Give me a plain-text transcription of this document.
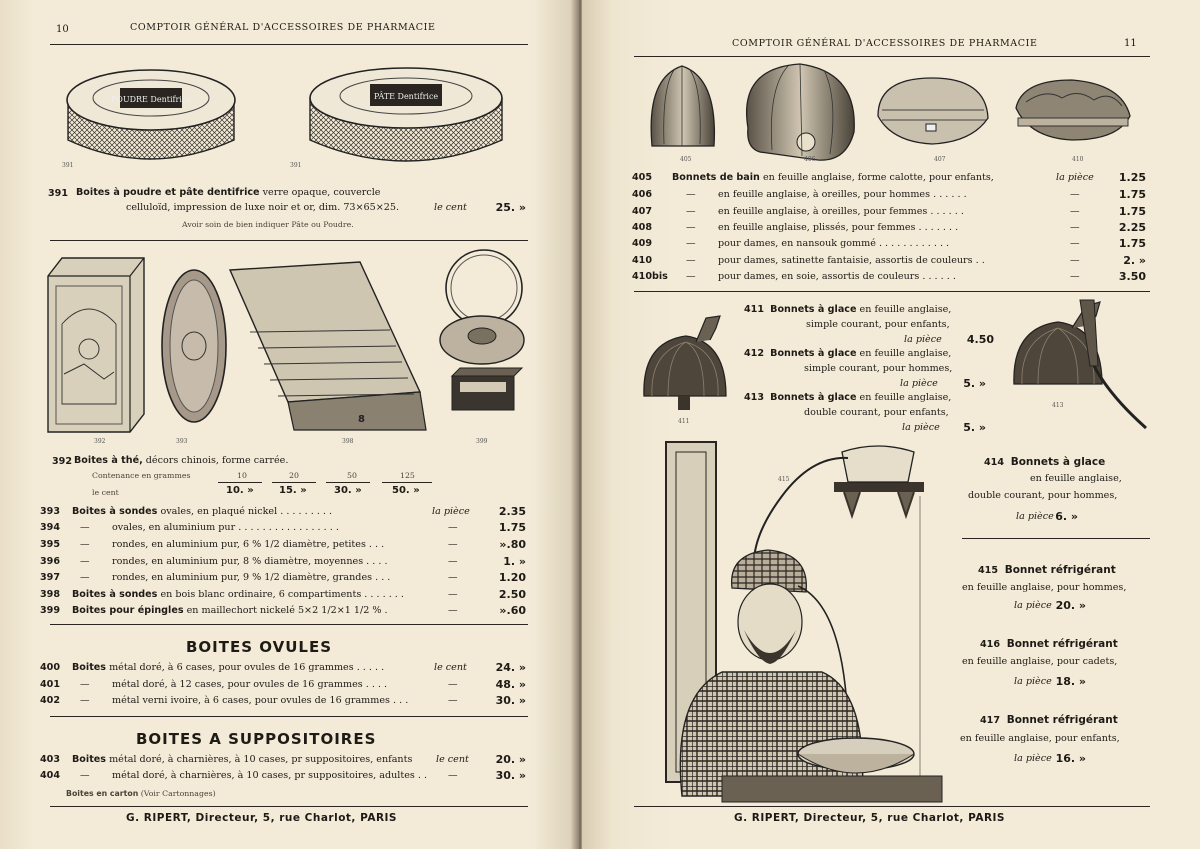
10	COMPTOIR GÉNÉRAL D'ACCESSOIRES DE PHARMACIE
POUDRE Dentifrice
391
PÂTE Dentifrice
391
391 Boites à poudre et pâte dentifrice verre opaque, couvercle
celluloïd, impression de luxe noir et or, dim. 73×65×25.	le cent	25. »
Avoir soin de bien indiquer Pâte ou Poudre.
392	393
8
398	399
392 Boites à thé, décors chinois, forme carrée.
Contenance en grammes
le cent
10	20	50	125
10. »	15. »	30. »	50. »
393 Boites à sondes ovales, en plaqué nickel . . . . . . . . .	la pièce	2.35
394 — ovales, en aluminium pur . . . . . . . . . . . . . . . . .	—	1.75
395 — rondes, en aluminium pur, 6 % 1/2 diamètre, petites . . .	—	».80
396 — rondes, en aluminium pur, 8 % diamètre, moyennes . . . .	—	1. »
397 — rondes, en aluminium pur, 9 % 1/2 diamètre, grandes . . .	—	1.20
398 Boites à sondes en bois blanc ordinaire, 6 compartiments . . . . . . .	—	2.50
399 Boites pour épingles en maillechort nickelé 5×2 1/2×1 1/2 % .	—	».60
BOITES OVULES
400 Boites métal doré, à 6 cases, pour ovules de 16 grammes . . . . .	le cent	24. »
401 — métal doré, à 12 cases, pour ovules de 16 grammes . . . .	—	48. »
402 — métal verni ivoire, à 6 cases, pour ovules de 16 grammes . . .	—	30. »
BOITES A SUPPOSITOIRES
403 Boites métal doré, à charnières, à 10 cases, pr suppositoires, enfants le cent	20. »
404 — métal doré, à charnières, à 10 cases, pr suppositoires, adultes . . —	30. »
Boites en carton (Voir Cartonnages)
G. RIPERT, Directeur, 5, rue Charlot, PARIS
COMPTOIR GÉNÉRAL D'ACCESSOIRES DE PHARMACIE	11
405	406	407	410
405 Bonnets de bain en feuille anglaise, forme calotte, pour enfants,	la pièce	1.25
406	— en feuille anglaise, à oreilles, pour hommes . . . . . .	—	1.75
407	— en feuille anglaise, à oreilles, pour femmes . . . . . .	—	1.75
408	— en feuille anglaise, plissés, pour femmes . . . . . . .	—	2.25
409	— pour dames, en nansouk gommé . . . . . . . . . . . .	—	1.75
410	— pour dames, satinette fantaisie, assortis de couleurs . .	—	2. »
410bis — pour dames, en soie, assortis de couleurs . . . . . .	—	3.50
411
411 Bonnets à glace en feuille anglaise,
simple courant, pour enfants,
la pièce	4.50
412 Bonnets à glace en feuille anglaise,
simple courant, pour hommes,
la pièce	5. »
413 Bonnets à glace en feuille anglaise,
double courant, pour enfants,
la pièce	5. »
413
415
414 Bonnets à glace
en feuille anglaise,
double courant, pour hommes,
la pièce 6. »
415 Bonnet réfrigérant
en feuille anglaise, pour hommes,
la pièce 20. »
416 Bonnet réfrigérant
en feuille anglaise, pour cadets,
la pièce 18. »
417 Bonnet réfrigérant
en feuille anglaise, pour enfants,
la pièce 16. »
G. RIPERT, Directeur, 5, rue Charlot, PARIS
